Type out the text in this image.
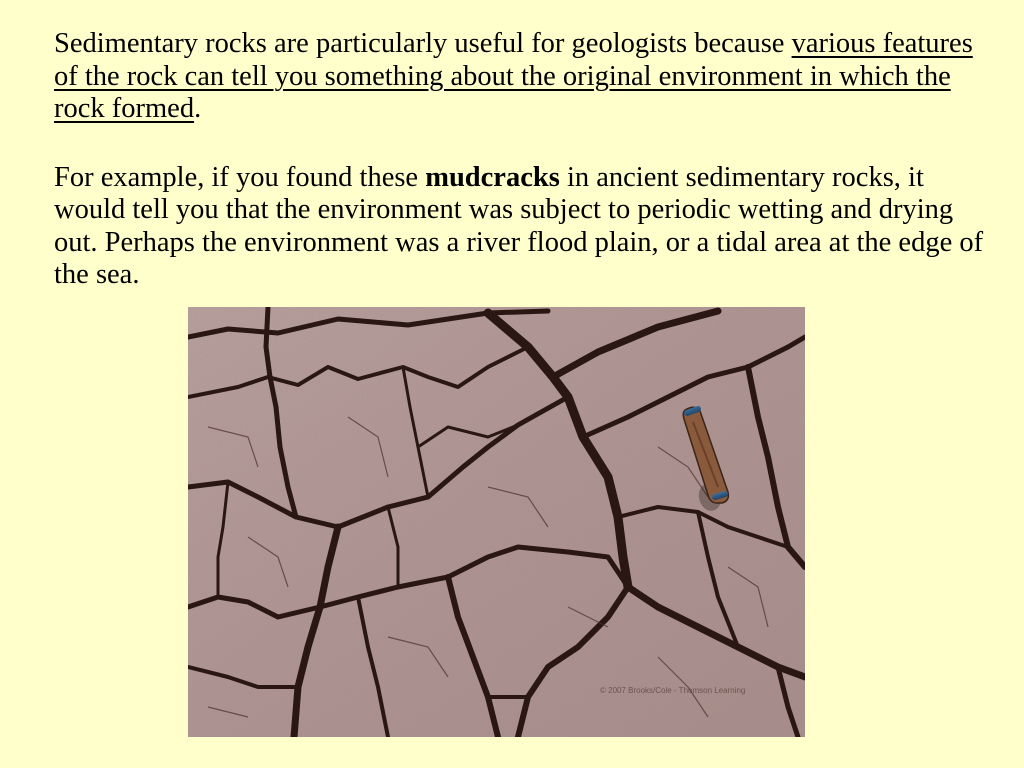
Sedimentary rocks are particularly useful for geologists because various features of the rock can tell you something about the original environment in which the rock formed.

For example, if you found these mudcracks in ancient sedimentary rocks, it would tell you that the environment was subject to periodic wetting and drying out. Perhaps the environment was a river flood plain, or a tidal area at the edge of the sea.

© 2007 Brooks/Cole - Thomson Learning
